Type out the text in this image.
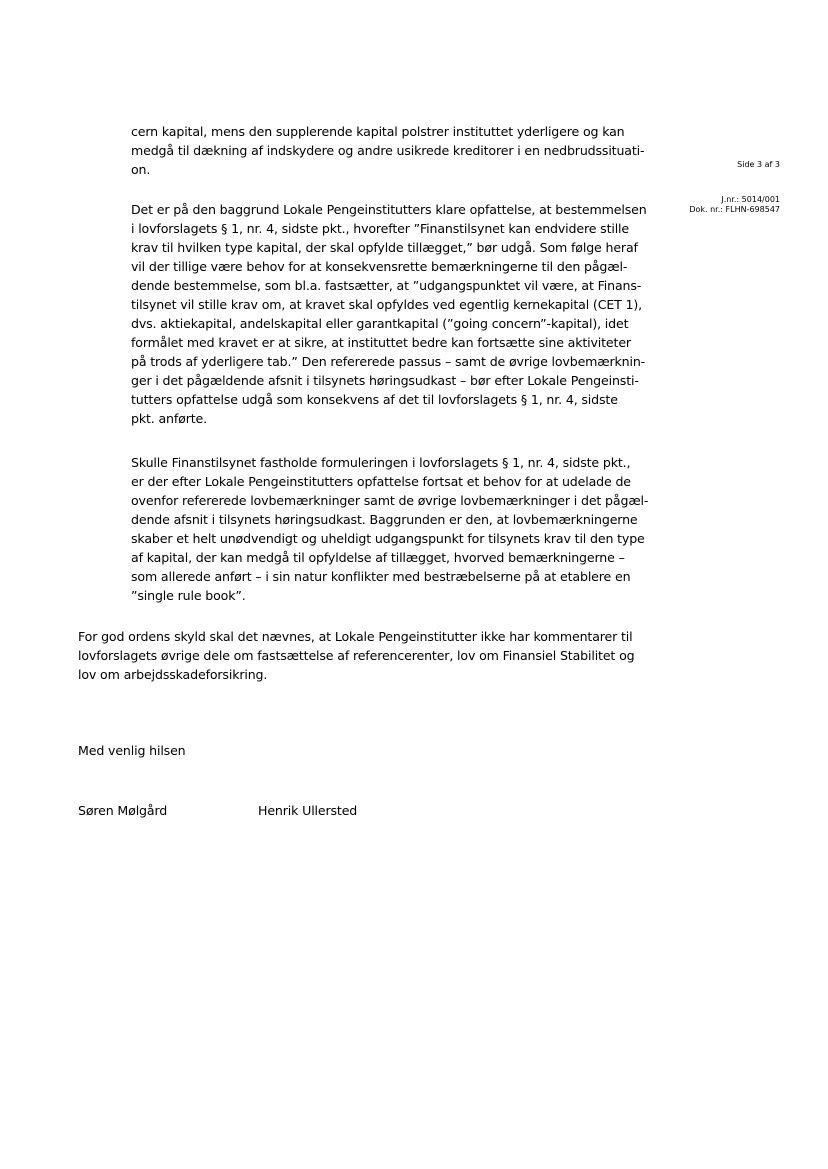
Side 3 af 3
J.nr.: 5014/001
Dok. nr.: FLHN-698547
cern kapital, mens den supplerende kapital polstrer instituttet yderligere og kan
medgå til dækning af indskydere og andre usikrede kreditorer i en nedbrudssituati-
on.
Det er på den baggrund Lokale Pengeinstitutters klare opfattelse, at bestemmelsen
i lovforslagets § 1, nr. 4, sidste pkt., hvorefter ”Finanstilsynet kan endvidere stille
krav til hvilken type kapital, der skal opfylde tillægget,” bør udgå. Som følge heraf
vil der tillige være behov for at konsekvensrette bemærkningerne til den pågæl-
dende bestemmelse, som bl.a. fastsætter, at ”udgangspunktet vil være, at Finans-
tilsynet vil stille krav om, at kravet skal opfyldes ved egentlig kernekapital (CET 1),
dvs. aktiekapital, andelskapital eller garantkapital (”going concern”-kapital), idet
formålet med kravet er at sikre, at instituttet bedre kan fortsætte sine aktiviteter
på trods af yderligere tab.” Den refererede passus – samt de øvrige lovbemærknin-
ger i det pågældende afsnit i tilsynets høringsudkast – bør efter Lokale Pengeinsti-
tutters opfattelse udgå som konsekvens af det til lovforslagets § 1, nr. 4, sidste
pkt. anførte.
Skulle Finanstilsynet fastholde formuleringen i lovforslagets § 1, nr. 4, sidste pkt.,
er der efter Lokale Pengeinstitutters opfattelse fortsat et behov for at udelade de
ovenfor refererede lovbemærkninger samt de øvrige lovbemærkninger i det pågæl-
dende afsnit i tilsynets høringsudkast. Baggrunden er den, at lovbemærkningerne
skaber et helt unødvendigt og uheldigt udgangspunkt for tilsynets krav til den type
af kapital, der kan medgå til opfyldelse af tillægget, hvorved bemærkningerne –
som allerede anført – i sin natur konflikter med bestræbelserne på at etablere en
”single rule book”.
For god ordens skyld skal det nævnes, at Lokale Pengeinstitutter ikke har kommentarer til
lovforslagets øvrige dele om fastsættelse af referencerenter, lov om Finansiel Stabilitet og
lov om arbejdsskadeforsikring.
Med venlig hilsen
Søren Mølgård	Henrik Ullersted
